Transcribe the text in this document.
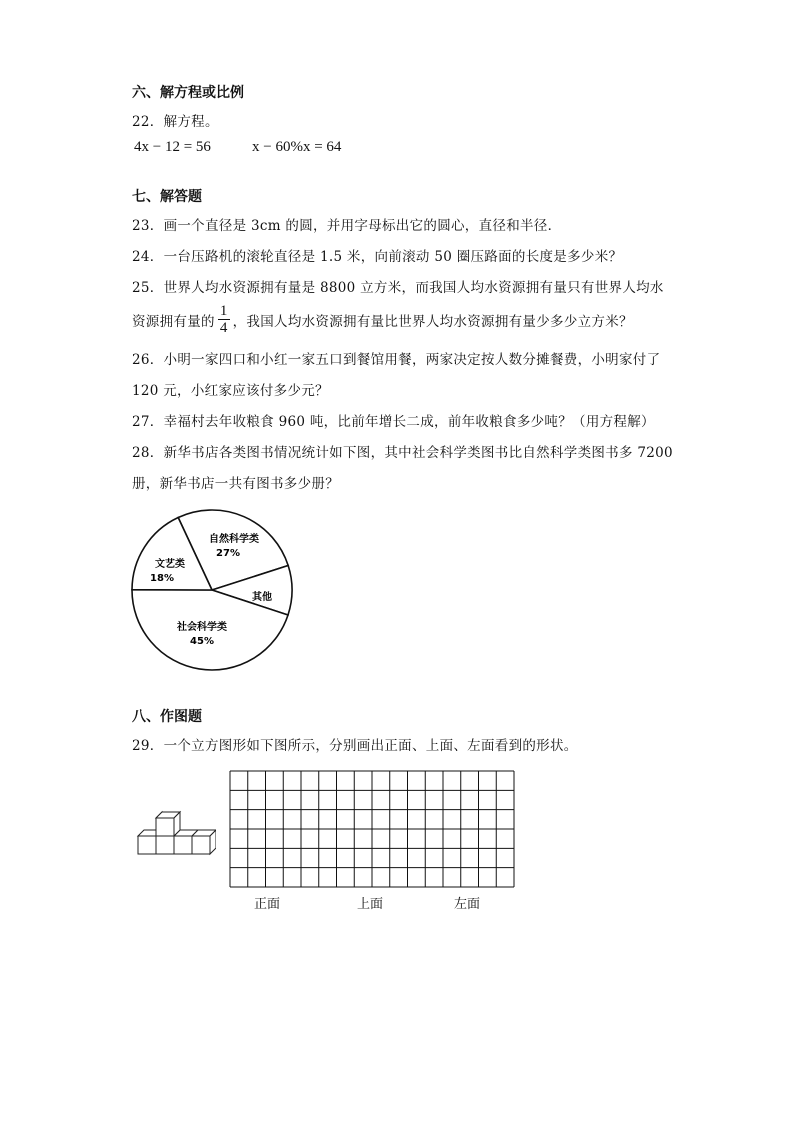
六、解方程或比例
22．解方程。
4x − 12 = 56	x − 60%x = 64
七、解答题
23．画一个直径是 3cm 的圆，并用字母标出它的圆心，直径和半径．
24．一台压路机的滚轮直径是 1.5 米，向前滚动 50 圈压路面的长度是多少米？
25．世界人均水资源拥有量是 8800 立方米，而我国人均水资源拥有量只有世界人均水
资源拥有量的 $\frac{1}{4}$ ，我国人均水资源拥有量比世界人均水资源拥有量少多少立方米？
26．小明一家四口和小红一家五口到餐馆用餐，两家决定按人数分摊餐费，小明家付了
120 元，小红家应该付多少元？
27．幸福村去年收粮食 960 吨，比前年增长二成，前年收粮食多少吨？（用方程解）
28．新华书店各类图书情况统计如下图，其中社会科学类图书比自然科学类图书多 7200
册，新华书店一共有图书多少册？
自然科学类
27%
其他
社会科学类
45%
文艺类
18%
八、作图题
29．一个立方图形如下图所示，分别画出正面、上面、左面看到的形状。
正面	上面	左面
